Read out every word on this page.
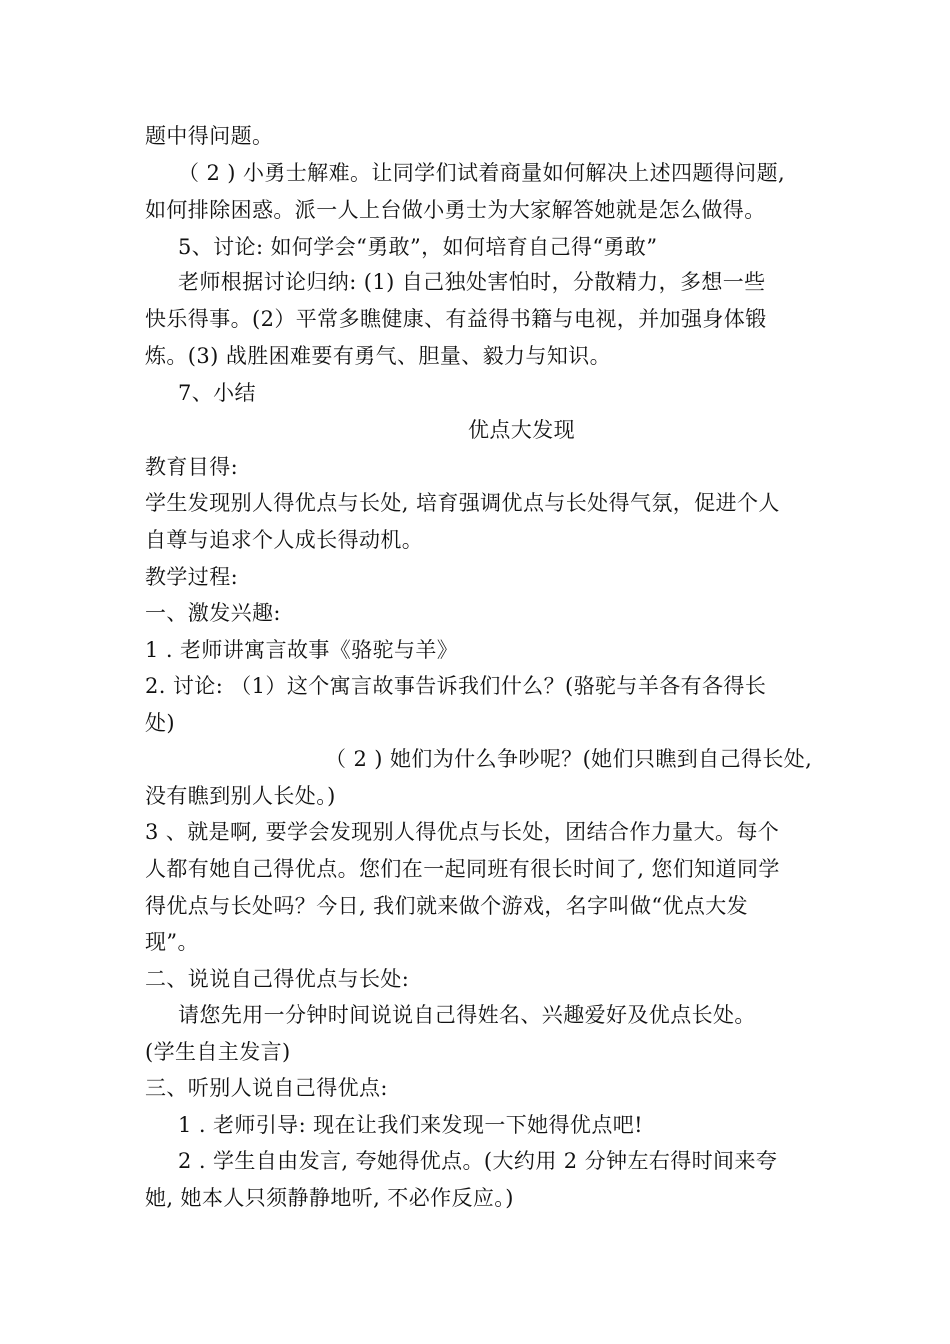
题中得问题。
（ 2 ) 小勇士解难。让同学们试着商量如何解决上述四题得问题,
如何排除困惑。派一人上台做小勇士为大家解答她就是怎么做得。
5、讨论: 如何学会“勇敢”，如何培育自己得“勇敢”
老师根据讨论归纳: (1) 自己独处害怕时，分散精力，多想一些
快乐得事。(2）平常多瞧健康、有益得书籍与电视，并加强身体锻
炼。(3) 战胜困难要有勇气、胆量、毅力与知识。
7、小结
优点大发现
教育目得:
学生发现别人得优点与长处, 培育强调优点与长处得气氛，促进个人
自尊与追求个人成长得动机。
教学过程:
一、激发兴趣:
1 . 老师讲寓言故事《骆驼与羊》
2. 讨论: （1）这个寓言故事告诉我们什么？(骆驼与羊各有各得长
处)
（ 2 ) 她们为什么争吵呢？(她们只瞧到自己得长处,
没有瞧到别人长处。)
3 、就是啊, 要学会发现别人得优点与长处，团结合作力量大。每个
人都有她自己得优点。您们在一起同班有很长时间了, 您们知道同学
得优点与长处吗？今日, 我们就来做个游戏，名字叫做“优点大发
现”。
二、说说自己得优点与长处:
请您先用一分钟时间说说自己得姓名、兴趣爱好及优点长处。
(学生自主发言)
三、听别人说自己得优点:
1 . 老师引导: 现在让我们来发现一下她得优点吧!
2 . 学生自由发言, 夸她得优点。(大约用 2 分钟左右得时间来夸
她, 她本人只须静静地听, 不必作反应。)
